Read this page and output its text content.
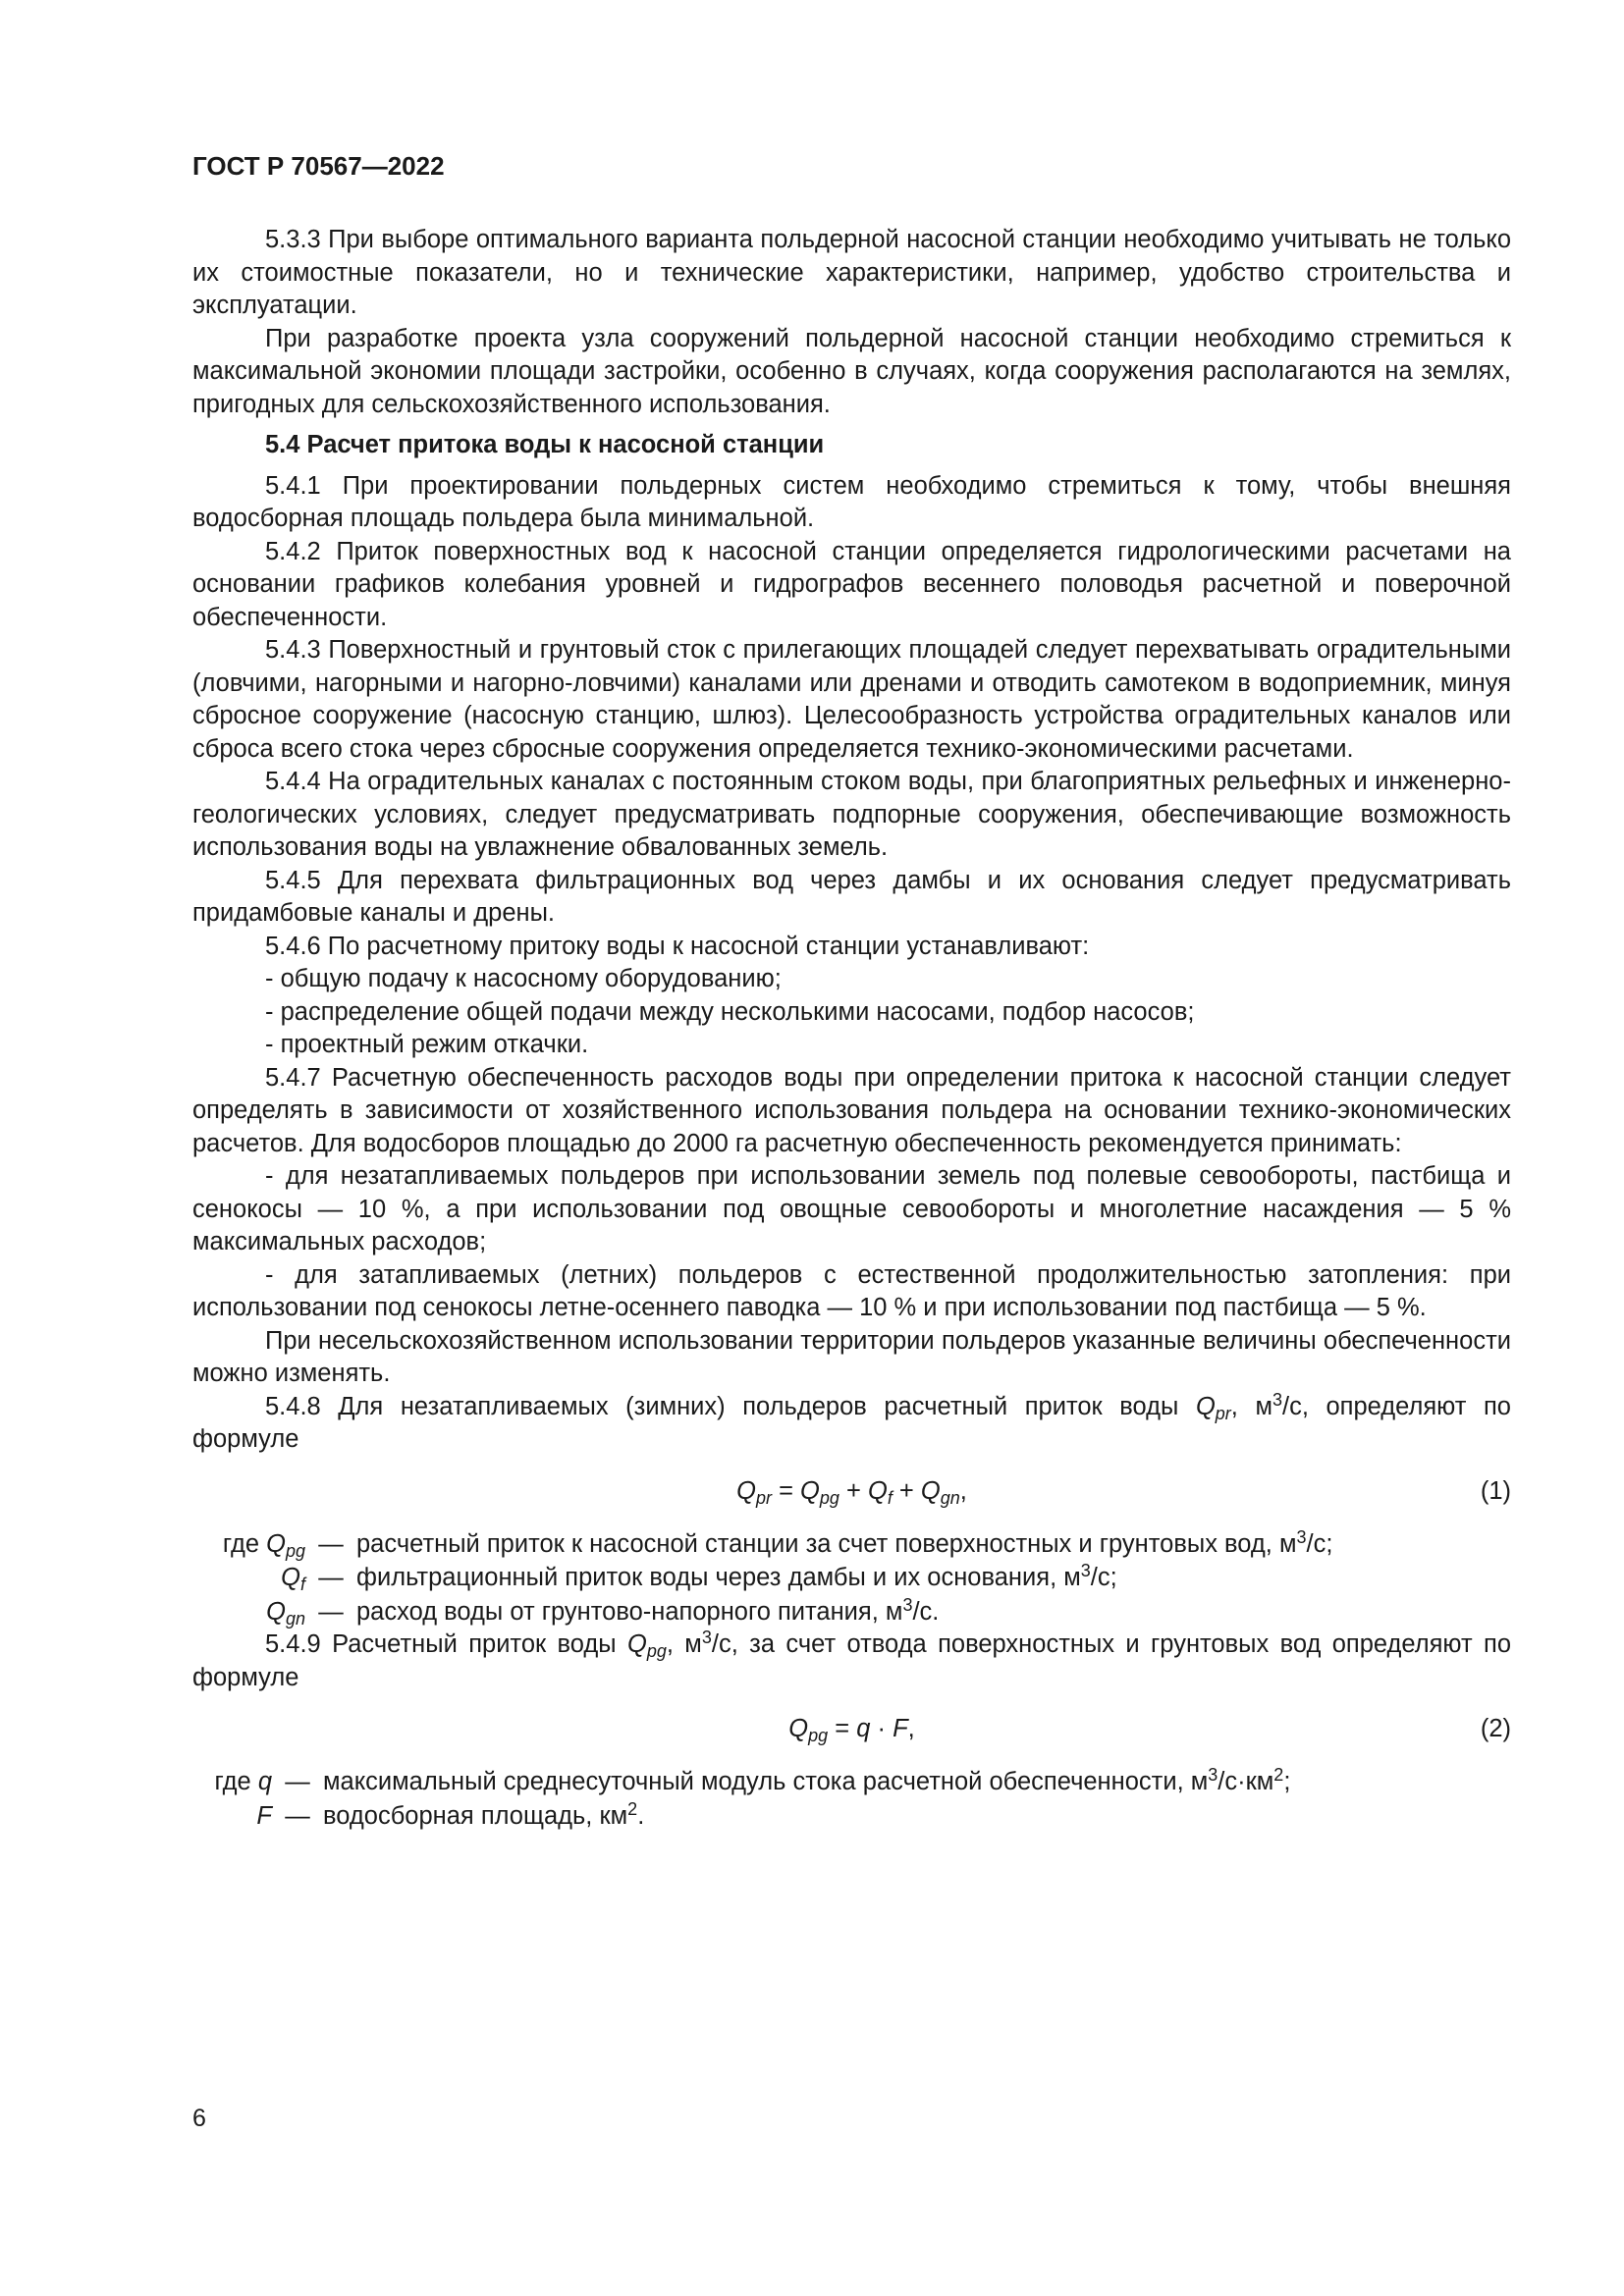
ГОСТ Р 70567—2022

5.3.3 При выборе оптимального варианта польдерной насосной станции необходимо учитывать не только их стоимостные показатели, но и технические характеристики, например, удобство строительства и эксплуатации.

При разработке проекта узла сооружений польдерной насосной станции необходимо стремиться к максимальной экономии площади застройки, особенно в случаях, когда сооружения располагаются на землях, пригодных для сельскохозяйственного использования.

5.4 Расчет притока воды к насосной станции

5.4.1 При проектировании польдерных систем необходимо стремиться к тому, чтобы внешняя водосборная площадь польдера была минимальной.

5.4.2 Приток поверхностных вод к насосной станции определяется гидрологическими расчетами на основании графиков колебания уровней и гидрографов весеннего половодья расчетной и поверочной обеспеченности.

5.4.3 Поверхностный и грунтовый сток с прилегающих площадей следует перехватывать оградительными (ловчими, нагорными и нагорно-ловчими) каналами или дренами и отводить самотеком в водоприемник, минуя сбросное сооружение (насосную станцию, шлюз). Целесообразность устройства оградительных каналов или сброса всего стока через сбросные сооружения определяется технико-экономическими расчетами.

5.4.4 На оградительных каналах с постоянным стоком воды, при благоприятных рельефных и инженерно-геологических условиях, следует предусматривать подпорные сооружения, обеспечивающие возможность использования воды на увлажнение обвалованных земель.

5.4.5 Для перехвата фильтрационных вод через дамбы и их основания следует предусматривать придамбовые каналы и дрены.

5.4.6 По расчетному притоку воды к насосной станции устанавливают:

- общую подачу к насосному оборудованию;

- распределение общей подачи между несколькими насосами, подбор насосов;

- проектный режим откачки.

5.4.7 Расчетную обеспеченность расходов воды при определении притока к насосной станции следует определять в зависимости от хозяйственного использования польдера на основании технико-экономических расчетов. Для водосборов площадью до 2000 га расчетную обеспеченность рекомендуется принимать:

- для незатапливаемых польдеров при использовании земель под полевые севообороты, пастбища и сенокосы — 10 %, а при использовании под овощные севообороты и многолетние насаждения — 5 % максимальных расходов;

- для затапливаемых (летних) польдеров с естественной продолжительностью затопления: при использовании под сенокосы летне-осеннего паводка — 10 % и при использовании под пастбища — 5 %.

При несельскохозяйственном использовании территории польдеров указанные величины обеспеченности можно изменять.

5.4.8 Для незатапливаемых (зимних) польдеров расчетный приток воды $Q_{pr}$, $м^3/с$, определяют по формуле

$Q_{pr} = Q_{pg} + Q_f + Q_{gn}$,	(1)
где $Q_{pg}$ — расчетный приток к насосной станции за счет поверхностных и грунтовых вод, $м^3/с$;
$Q_f$ — фильтрационный приток воды через дамбы и их основания, $м^3/с$;
$Q_{gn}$ — расход воды от грунтово-напорного питания, $м^3/с$.

5.4.9 Расчетный приток воды $Q_{pg}$, $м^3/с$, за счет отвода поверхностных и грунтовых вод определяют по формуле

$Q_{pg} = q \cdot F$,	(2)
где q — максимальный среднесуточный модуль стока расчетной обеспеченности, $м^3/с\cdot км^2$;
F — водосборная площадь, $км^2$.
6
